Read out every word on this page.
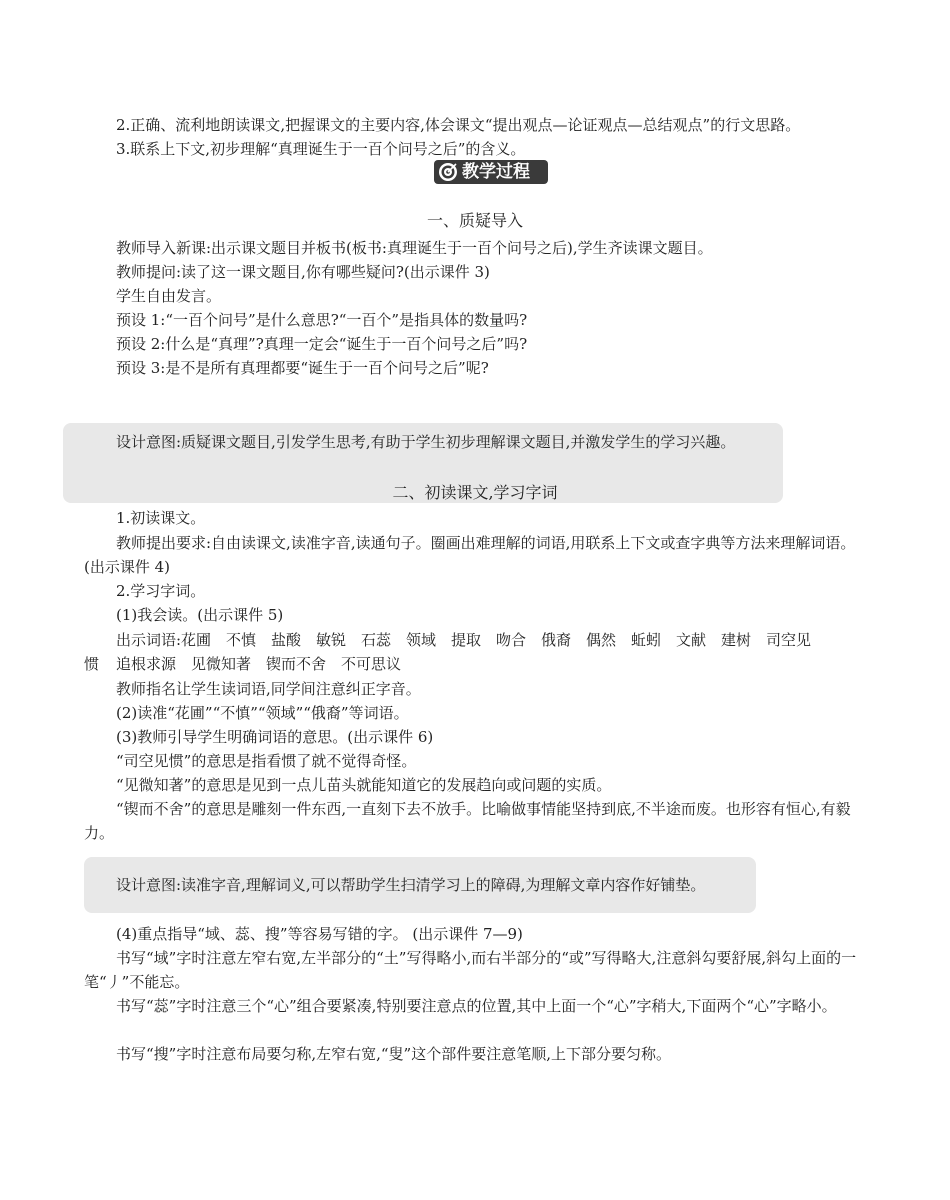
2.正确、流利地朗读课文,把握课文的主要内容,体会课文“提出观点—论证观点—总结观点”的行文思路。
3.联系上下文,初步理解“真理诞生于一百个问号之后”的含义。
教学过程
一、质疑导入
教师导入新课:出示课文题目并板书(板书:真理诞生于一百个问号之后),学生齐读课文题目。
教师提问:读了这一课文题目,你有哪些疑问?(出示课件 3)
学生自由发言。
预设 1:“一百个问号”是什么意思?“一百个”是指具体的数量吗?
预设 2:什么是“真理”?真理一定会“诞生于一百个问号之后”吗?
预设 3:是不是所有真理都要“诞生于一百个问号之后”呢?
设计意图:质疑课文题目,引发学生思考,有助于学生初步理解课文题目,并激发学生的学习兴趣。
二、初读课文,学习字词
1.初读课文。
教师提出要求:自由读课文,读准字音,读通句子。圈画出难理解的词语,用联系上下文或查字典等方法来理解词语。(出示课件 4)
2.学习字词。
(1)我会读。(出示课件 5)
出示词语:花圃　不慎　盐酸　敏锐　石蕊　领域　提取　吻合　俄裔　偶然　蚯蚓　文献　建树　司空见
惯 追根求源　见微知著　锲而不舍　不可思议
教师指名让学生读词语,同学间注意纠正字音。
(2)读准“花圃”“不慎”“领域”“俄裔”等词语。
(3)教师引导学生明确词语的意思。(出示课件 6)
“司空见惯”的意思是指看惯了就不觉得奇怪。
“见微知著”的意思是见到一点儿苗头就能知道它的发展趋向或问题的实质。
“锲而不舍”的意思是雕刻一件东西,一直刻下去不放手。比喻做事情能坚持到底,不半途而废。也形容有恒心,有毅力。
设计意图:读准字音,理解词义,可以帮助学生扫清学习上的障碍,为理解文章内容作好铺垫。
(4)重点指导“域、蕊、搜”等容易写错的字。 (出示课件 7—9)
书写“域”字时注意左窄右宽,左半部分的“土”写得略小,而右半部分的“或”写得略大,注意斜勾要舒展,斜勾上面的一笔“丿”不能忘。
书写“蕊”字时注意三个“心”组合要紧凑,特别要注意点的位置,其中上面一个“心”字稍大,下面两个“心”字略小。
书写“搜”字时注意布局要匀称,左窄右宽,“叟”这个部件要注意笔顺,上下部分要匀称。
